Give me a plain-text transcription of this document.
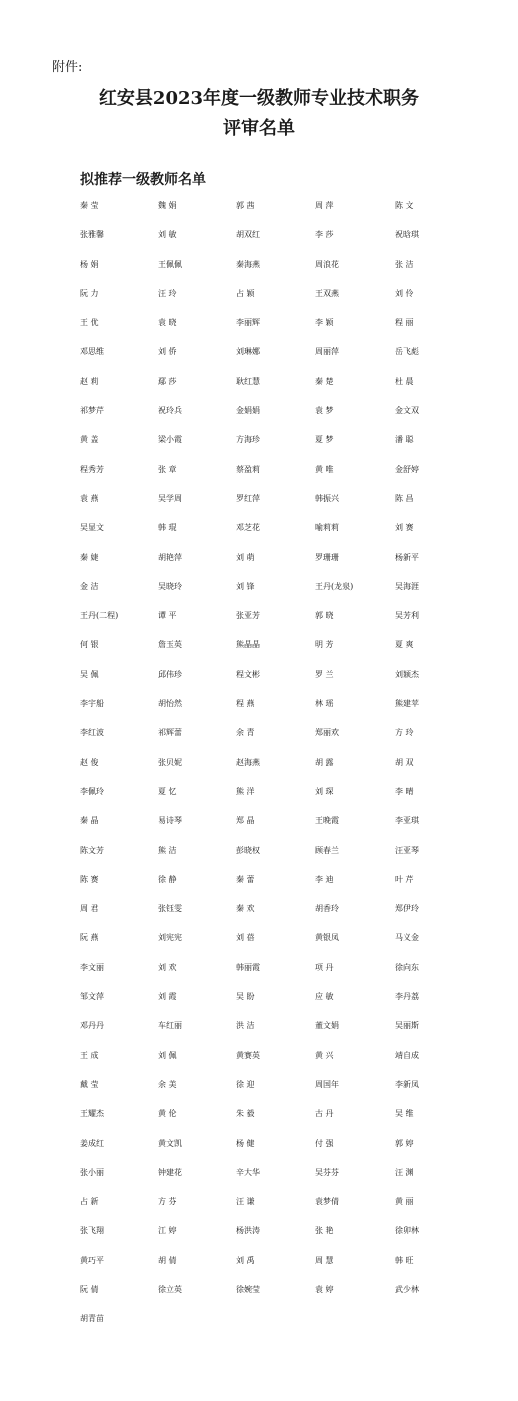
附件:
红安县2023年度一级教师专业技术职务
评审名单
拟推荐一级教师名单
秦 莹	魏 娟	郭 茜	周 萍	陈 文
张雅馨	刘 敏	胡双红	李 莎	祝晗琪
杨 娟	王佩佩	秦海燕	周浪花	张 洁
阮 力	汪 玲	占 颖	王双燕	刘 伶
王 优	袁 晓	李丽辉	李 颖	程 丽
邓思维	刘 侨	刘琳娜	周丽萍	岳飞彪
赵 莉	鄢 莎	耿红慧	秦 楚	杜 晨
祁梦芹	祝玲兵	金娟娟	袁 梦	金文双
黄 盖	梁小霞	方海珍	夏 梦	潘 聪
程秀芳	张 章	蔡盈莉	黄 唯	金舒婷
袁 燕	吴学周	罗红萍	韩振兴	陈 昌
吴显文	韩 琨	邓芝花	喻莉莉	刘 赛
秦 婕	胡艳萍	刘 萌	罗珊珊	杨新平
金 洁	吴晓玲	刘 锋	王丹(龙泉)	吴海涯
王丹(二程)	谭 平	张亚芳	郭 晓	吴芳利
何 银	詹玉英	熊晶晶	明 芳	夏 爽
吴 佩	邱伟珍	程文彬	罗 兰	刘颖杰
李宇船	胡怡然	程 燕	林 瑶	熊建苹
李红波	祁辉蕾	余 青	郑丽欢	方 玲
赵 俊	张贝妮	赵海燕	胡 露	胡 双
李佩玲	夏 忆	熊 洋	刘 琛	李 晴
秦 晶	易诗琴	郑 晶	王晚霞	李亚琪
陈文芳	熊 洁	彭晓权	顾春兰	汪亚琴
陈 赛	徐 静	秦 蕾	李 迪	叶 芹
周 君	张钰雯	秦 欢	胡香玲	郑伊玲
阮 燕	刘宪宪	刘 蓓	黄银凤	马义金
李文丽	刘 欢	韩丽霞	项 丹	徐向东
邹文萍	刘 霞	吴 盼	应 敏	李丹荔
邓丹丹	车红丽	洪 洁	董文娟	吴丽斯
王 成	刘 佩	黄赛英	黄 兴	靖自成
戴 莹	余 美	徐 迎	周国年	李新凤
王耀杰	黄 伦	朱 毅	古 丹	吴 维
姜成红	黄文凯	杨 健	付 强	郭 婷
张小丽	钟建花	辛大华	吴芬芬	汪 渊
占 新	方 芬	汪 谦	袁梦倩	黄 丽
张飞翔	江 婷	杨洪涛	张 艳	徐卯林
黄巧平	胡 倩	刘 禹	周 慧	韩 旺
阮 倩	徐立英	徐婉莹	袁 婷	武少林
胡青苗
